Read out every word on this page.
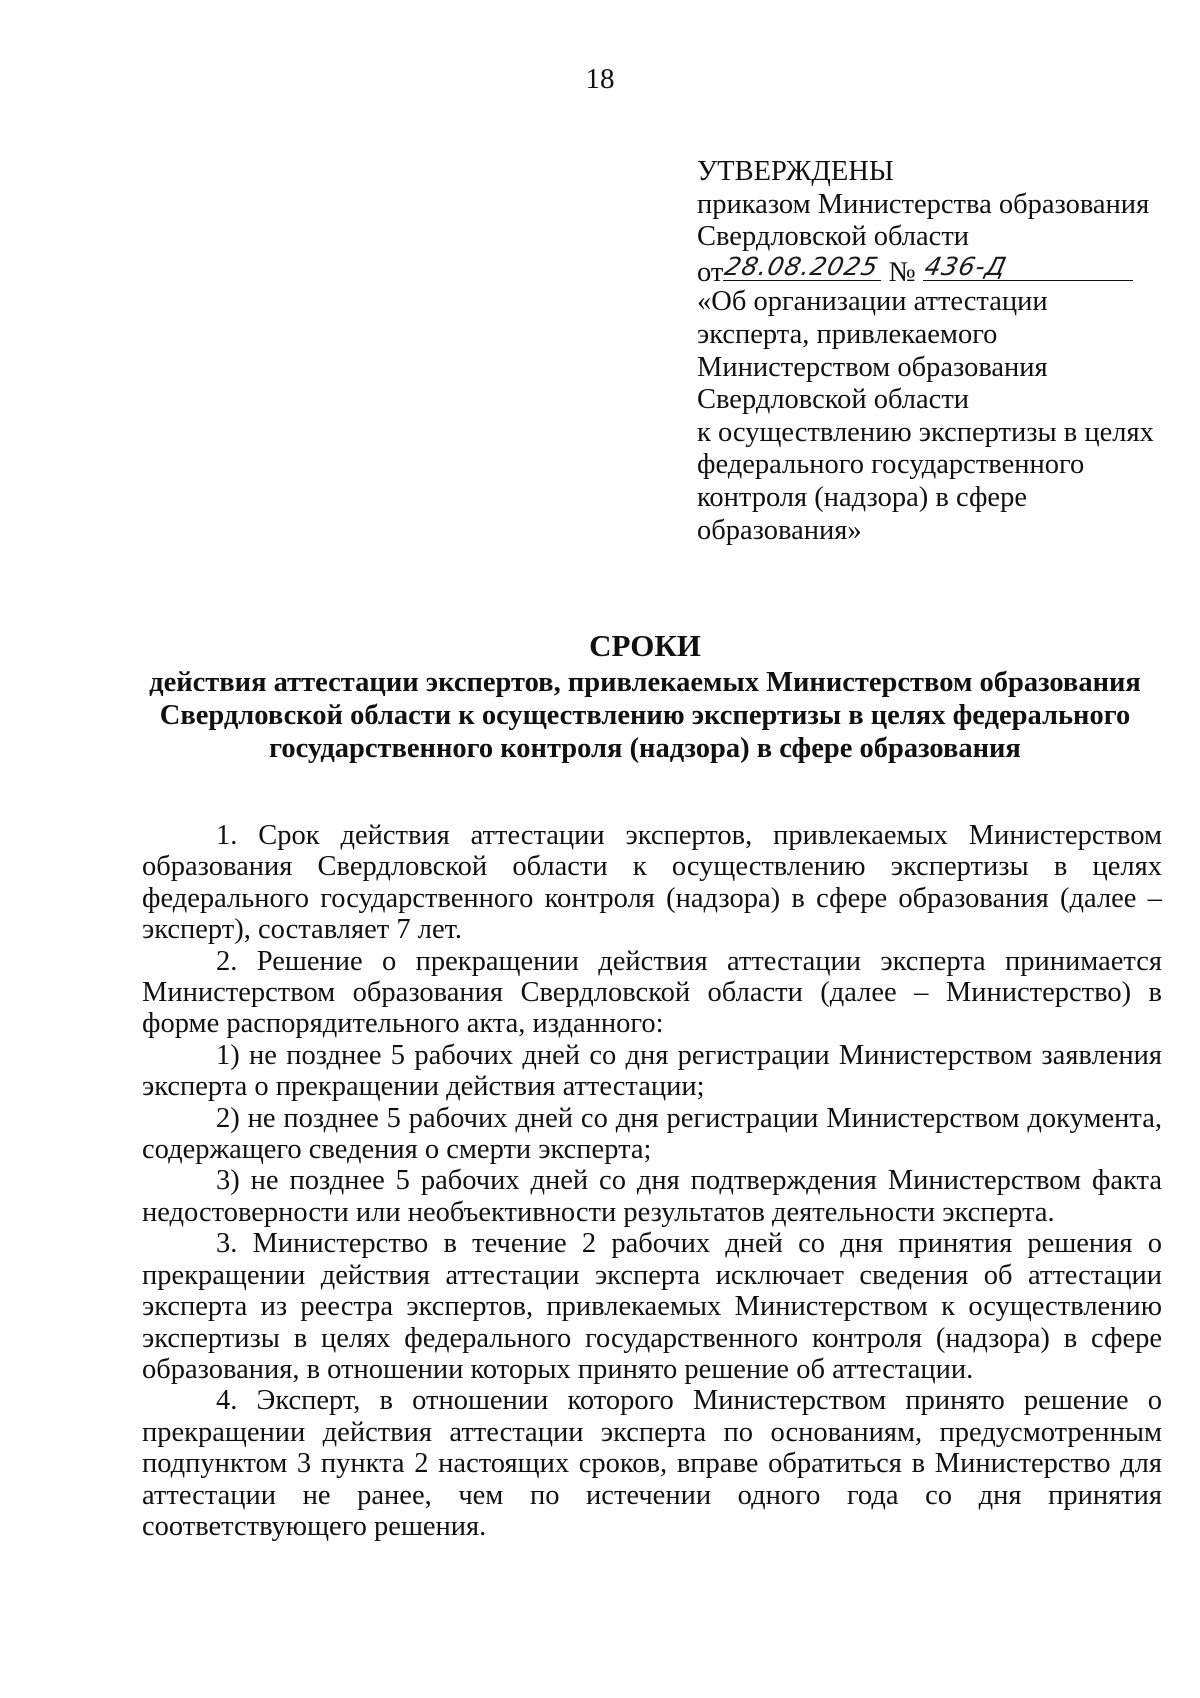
18
УТВЕРЖДЕНЫ
приказом Министерства образования
Свердловской области
от 28.08.2025 № 436-Д
«Об организации аттестации
эксперта, привлекаемого
Министерством образования
Свердловской области
к осуществлению экспертизы в целях
федерального государственного
контроля (надзора) в сфере
образования»
СРОКИ
действия аттестации экспертов, привлекаемых Министерством образования
Свердловской области к осуществлению экспертизы в целях федерального
государственного контроля (надзора) в сфере образования

1. Срок действия аттестации экспертов, привлекаемых Министерством образования Свердловской области к осуществлению экспертизы в целях федерального государственного контроля (надзора) в сфере образования (далее – эксперт), составляет 7 лет.

2. Решение о прекращении действия аттестации эксперта принимается Министерством образования Свердловской области (далее – Министерство) в форме распорядительного акта, изданного:

1) не позднее 5 рабочих дней со дня регистрации Министерством заявления эксперта о прекращении действия аттестации;

2) не позднее 5 рабочих дней со дня регистрации Министерством документа, содержащего сведения о смерти эксперта;

3) не позднее 5 рабочих дней со дня подтверждения Министерством факта недостоверности или необъективности результатов деятельности эксперта.

3. Министерство в течение 2 рабочих дней со дня принятия решения о прекращении действия аттестации эксперта исключает сведения об аттестации эксперта из реестра экспертов, привлекаемых Министерством к осуществлению экспертизы в целях федерального государственного контроля (надзора) в сфере образования, в отношении которых принято решение об аттестации.

4. Эксперт, в отношении которого Министерством принято решение о прекращении действия аттестации эксперта по основаниям, предусмотренным подпунктом 3 пункта 2 настоящих сроков, вправе обратиться в Министерство для аттестации не ранее, чем по истечении одного года со дня принятия соответствующего решения.
